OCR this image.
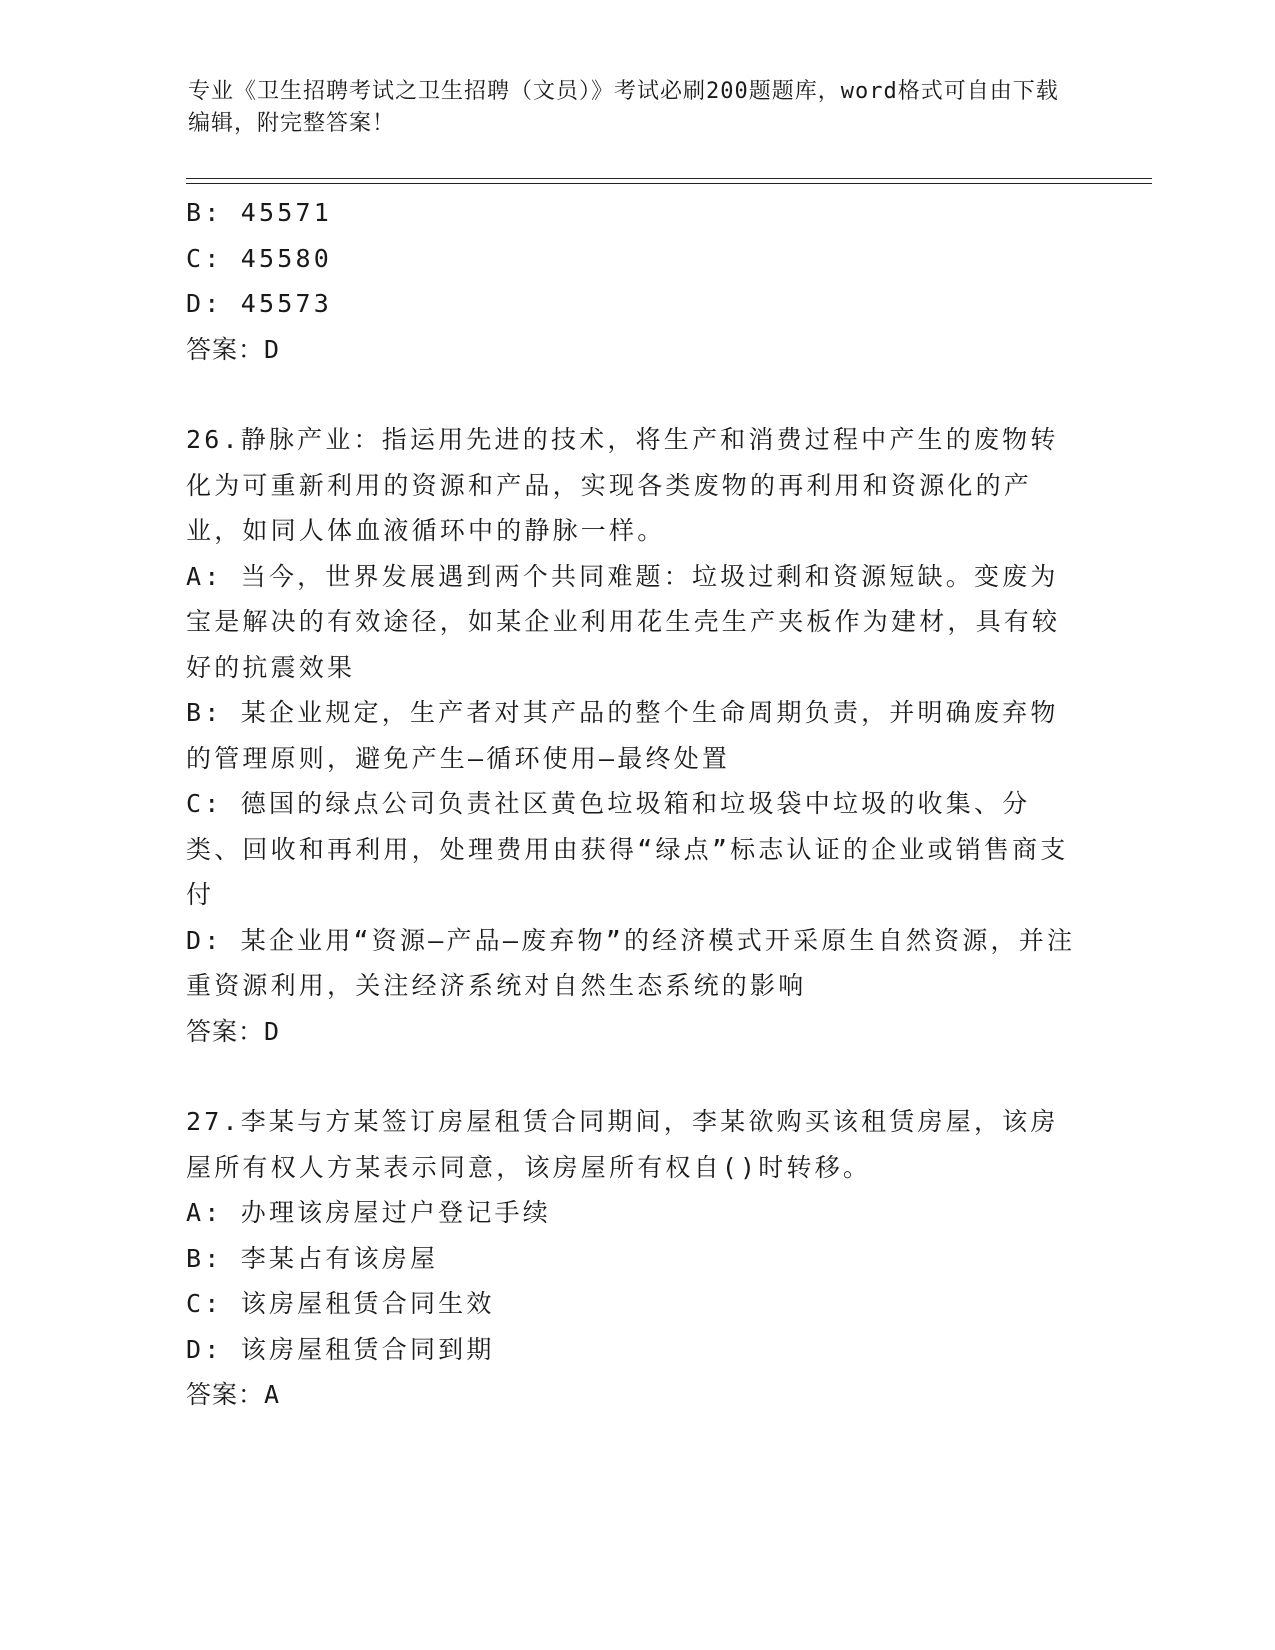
专业《卫生招聘考试之卫生招聘（文员）》考试必刷200题题库，word格式可自由下载编辑，附完整答案！

B: 45571

C: 45580

D: 45573

答案：D

26.静脉产业：指运用先进的技术，将生产和消费过程中产生的废物转化为可重新利用的资源和产品，实现各类废物的再利用和资源化的产业，如同人体血液循环中的静脉一样。

A: 当今，世界发展遇到两个共同难题：垃圾过剩和资源短缺。变废为宝是解决的有效途径，如某企业利用花生壳生产夹板作为建材，具有较好的抗震效果

B: 某企业规定，生产者对其产品的整个生命周期负责，并明确废弃物的管理原则，避免产生—循环使用—最终处置

C: 德国的绿点公司负责社区黄色垃圾箱和垃圾袋中垃圾的收集、分类、回收和再利用，处理费用由获得“绿点”标志认证的企业或销售商支付

D: 某企业用“资源—产品—废弃物”的经济模式开采原生自然资源，并注重资源利用，关注经济系统对自然生态系统的影响

答案：D

27.李某与方某签订房屋租赁合同期间，李某欲购买该租赁房屋，该房屋所有权人方某表示同意，该房屋所有权自()时转移。

A: 办理该房屋过户登记手续

B: 李某占有该房屋

C: 该房屋租赁合同生效

D: 该房屋租赁合同到期

答案：A
